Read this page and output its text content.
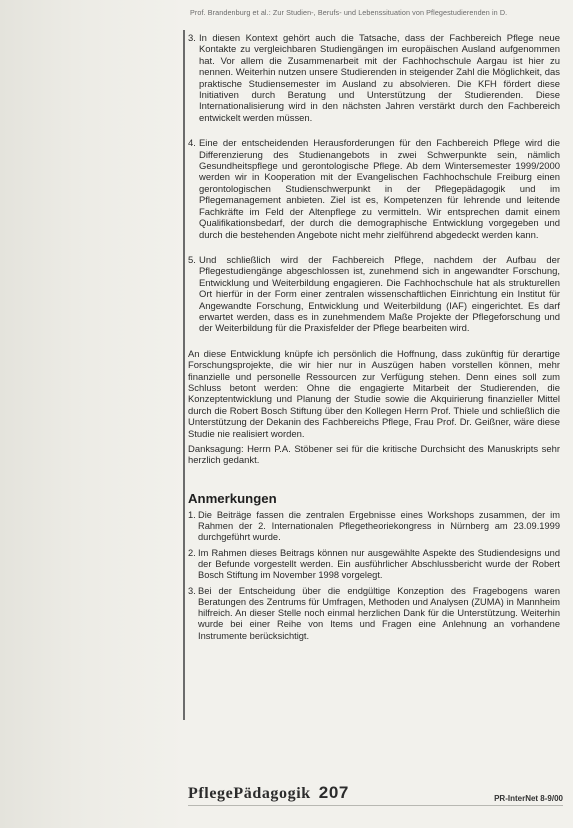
Prof. Brandenburg et al.: Zur Studien-, Berufs- und Lebenssituation von Pflegestudierenden in D.
3. In diesen Kontext gehört auch die Tatsache, dass der Fachbereich Pflege neue Kontakte zu vergleichbaren Studiengängen im europäischen Ausland aufgenommen hat. Vor allem die Zusammenarbeit mit der Fachhochschule Aargau ist hier zu nennen. Weiterhin nutzen unsere Studierenden in steigender Zahl die Möglichkeit, das praktische Studiensemester im Ausland zu absolvieren. Die KFH fördert diese Initiativen durch Beratung und Unterstützung der Studierenden. Diese Internationalisierung wird in den nächsten Jahren verstärkt durch den Fachbereich entwickelt werden müssen.
4. Eine der entscheidenden Herausforderungen für den Fachbereich Pflege wird die Differenzierung des Studienangebots in zwei Schwerpunkte sein, nämlich Gesundheitspflege und gerontologische Pflege. Ab dem Wintersemester 1999/2000 werden wir in Kooperation mit der Evangelischen Fachhochschule Freiburg einen gerontologischen Studienschwerpunkt in der Pflegepädagogik und im Pflegemanagement anbieten. Ziel ist es, Kompetenzen für lehrende und leitende Fachkräfte im Feld der Altenpflege zu vermitteln. Wir entsprechen damit einem Qualifikationsbedarf, der durch die demographische Entwicklung vorgegeben und durch die bestehenden Angebote nicht mehr zielführend abgedeckt werden kann.
5. Und schließlich wird der Fachbereich Pflege, nachdem der Aufbau der Pflegestudiengänge abgeschlossen ist, zunehmend sich in angewandter Forschung, Entwicklung und Weiterbildung engagieren. Die Fachhochschule hat als strukturellen Ort hierfür in der Form einer zentralen wissenschaftlichen Einrichtung ein Institut für Angewandte Forschung, Entwicklung und Weiterbildung (IAF) eingerichtet. Es darf erwartet werden, dass es in zunehmendem Maße Projekte der Pflegeforschung und der Weiterbildung für die Praxisfelder der Pflege bearbeiten wird.

An diese Entwicklung knüpfe ich persönlich die Hoffnung, dass zukünftig für derartige Forschungsprojekte, die wir hier nur in Auszügen haben vorstellen können, mehr finanzielle und personelle Ressourcen zur Verfügung stehen. Denn eines soll zum Schluss betont werden: Ohne die engagierte Mitarbeit der Studierenden, die Konzeptentwicklung und Planung der Studie sowie die Akquirierung finanzieller Mittel durch die Robert Bosch Stiftung über den Kollegen Herrn Prof. Thiele und schließlich die Unterstützung der Dekanin des Fachbereichs Pflege, Frau Prof. Dr. Geißner, wäre diese Studie nie realisiert worden.

Danksagung: Herrn P.A. Stöbener sei für die kritische Durchsicht des Manuskripts sehr herzlich gedankt.

Anmerkungen
1. Die Beiträge fassen die zentralen Ergebnisse eines Workshops zusammen, der im Rahmen der 2. Internationalen Pflegetheoriekongress in Nürnberg am 23.09.1999 durchgeführt wurde.
2. Im Rahmen dieses Beitrags können nur ausgewählte Aspekte des Studiendesigns und der Befunde vorgestellt werden. Ein ausführlicher Abschlussbericht wurde der Robert Bosch Stiftung im November 1998 vorgelegt.
3. Bei der Entscheidung über die endgültige Konzeption des Fragebogens waren Beratungen des Zentrums für Umfragen, Methoden und Analysen (ZUMA) in Mannheim hilfreich. An dieser Stelle noch einmal herzlichen Dank für die Unterstützung. Weiterhin wurde bei einer Reihe von Items und Fragen eine Anlehnung an vorhandene Instrumente berücksichtigt.
PflegePädagogik 207	PR-InterNet 8-9/00
